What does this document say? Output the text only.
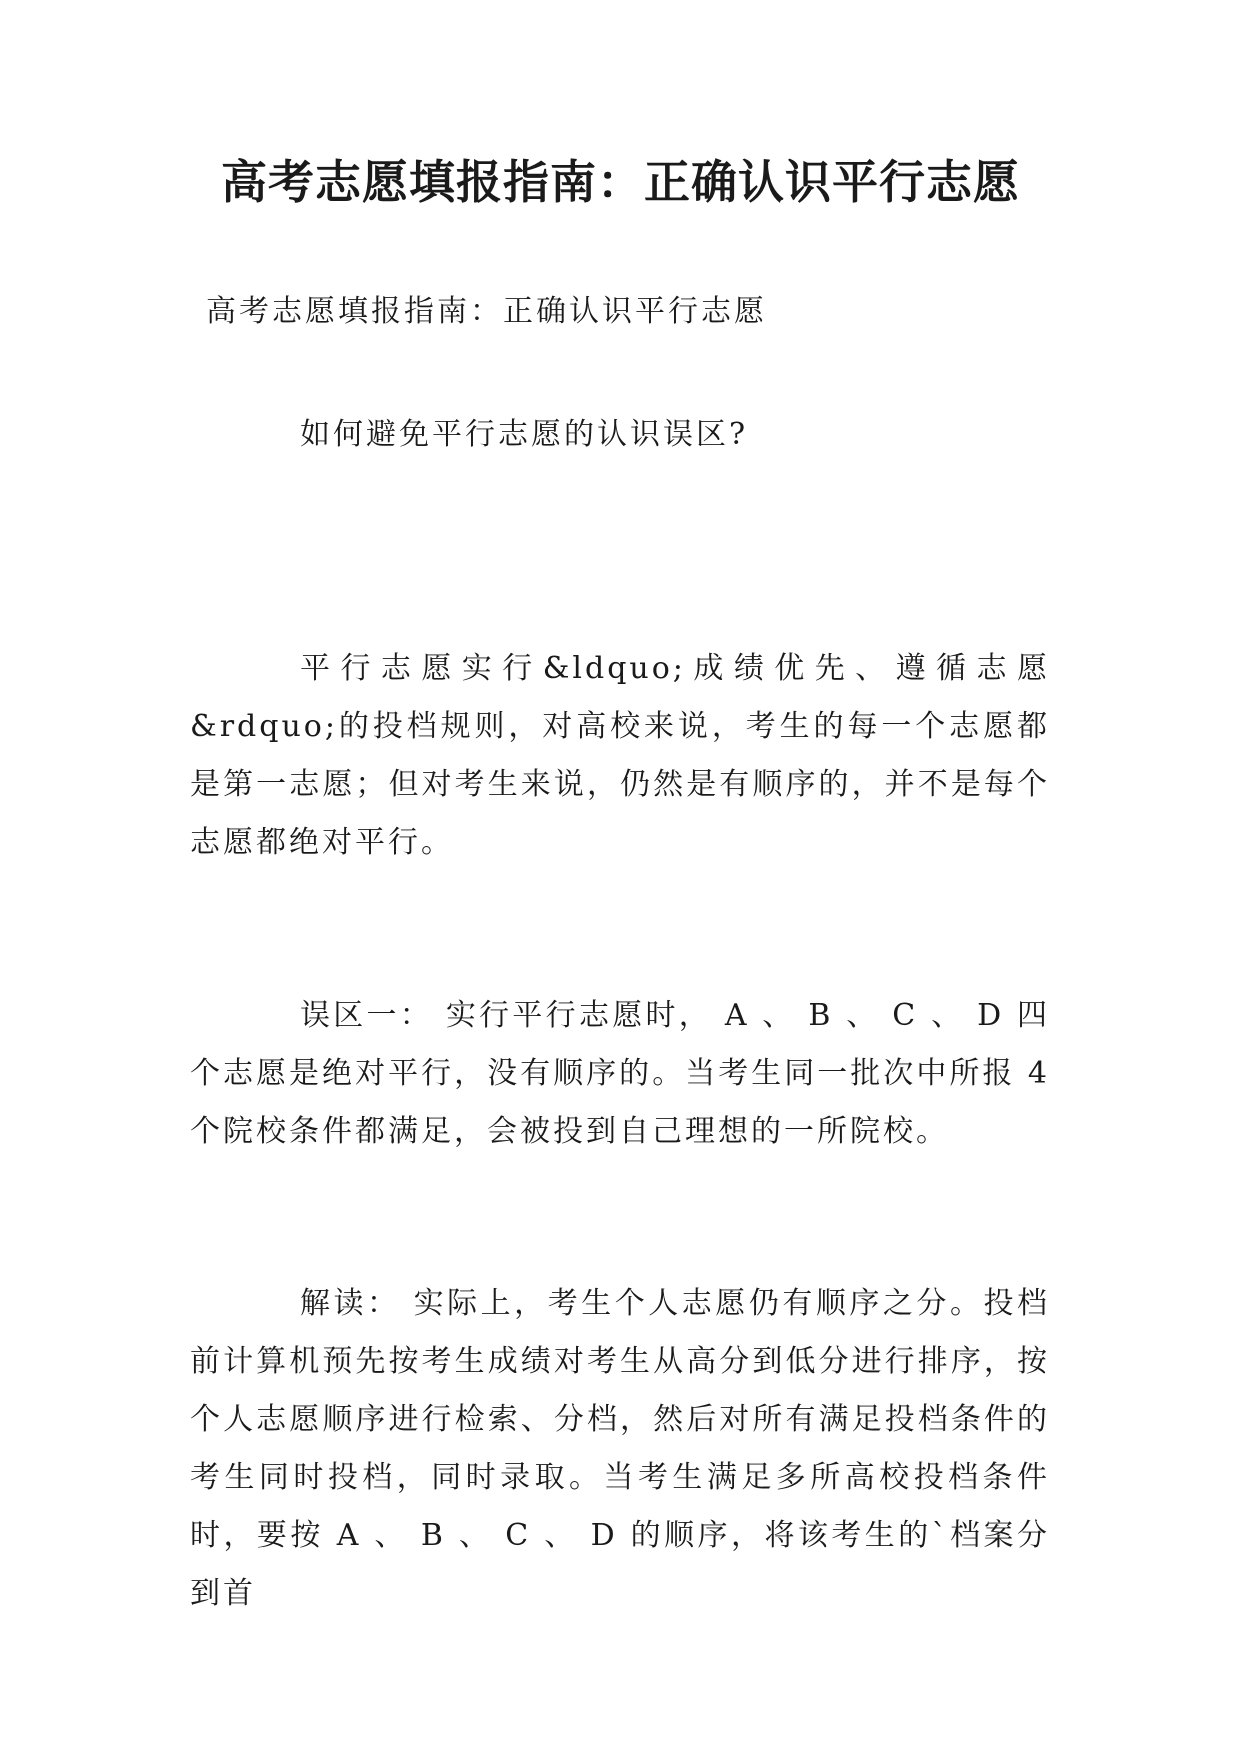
高考志愿填报指南：正确认识平行志愿
高考志愿填报指南：正确认识平行志愿

如何避免平行志愿的认识误区?

平行志愿实行&ldquo;成绩优先、遵循志愿&rdquo;的投档规则，对高校来说，考生的每一个志愿都是第一志愿；但对考生来说，仍然是有顺序的，并不是每个志愿都绝对平行。

误区一： 实行平行志愿时， A 、 B 、 C 、 D 四个志愿是绝对平行，没有顺序的。当考生同一批次中所报 4 个院校条件都满足，会被投到自己理想的一所院校。

解读： 实际上，考生个人志愿仍有顺序之分。投档前计算机预先按考生成绩对考生从高分到低分进行排序，按个人志愿顺序进行检索、分档，然后对所有满足投档条件的考生同时投档，同时录取。当考生满足多所高校投档条件时，要按 A 、 B 、 C 、 D 的顺序，将该考生的`档案分到首
